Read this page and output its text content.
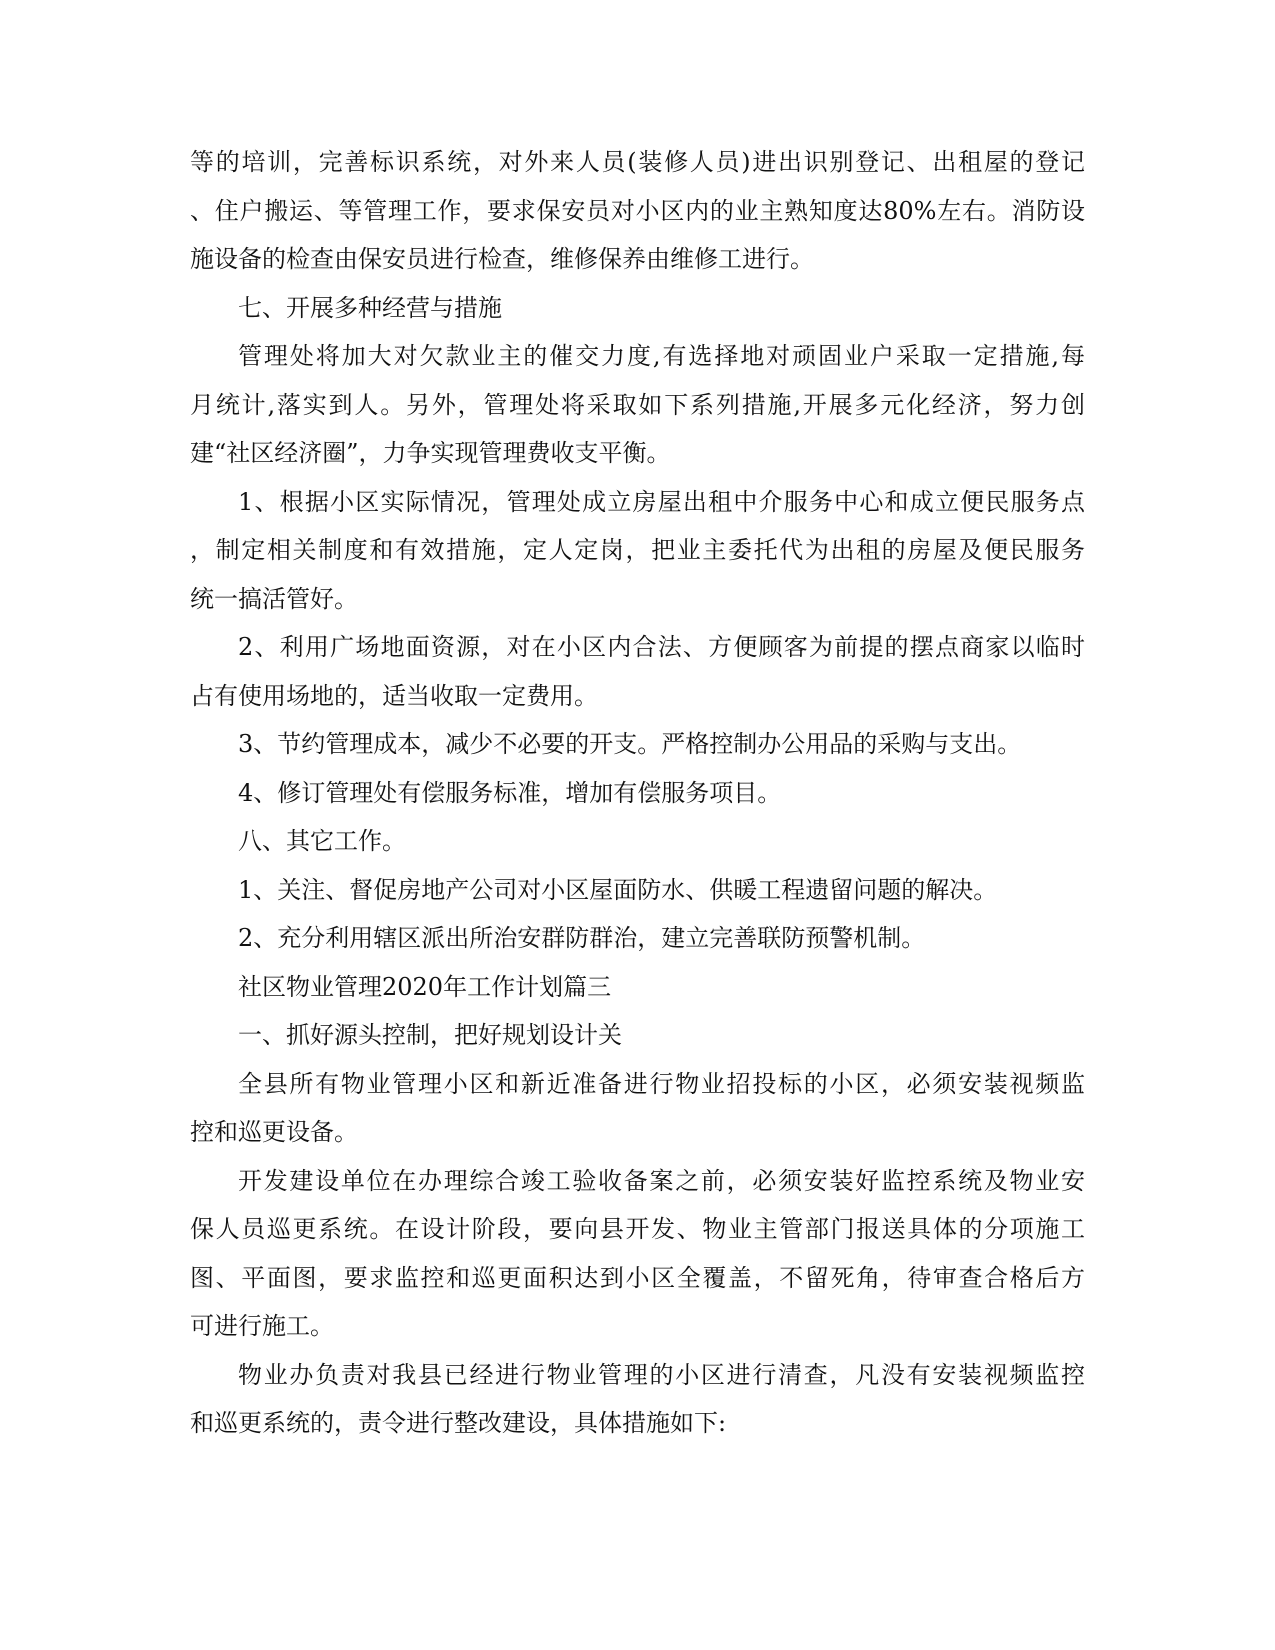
等的培训，完善标识系统，对外来人员(装修人员)进出识别登记、出租屋的登记
、住户搬运、等管理工作，要求保安员对小区内的业主熟知度达80%左右。消防设
施设备的检查由保安员进行检查，维修保养由维修工进行。
七、开展多种经营与措施
管理处将加大对欠款业主的催交力度,有选择地对顽固业户采取一定措施,每
月统计,落实到人。另外，管理处将采取如下系列措施,开展多元化经济，努力创
建“社区经济圈”，力争实现管理费收支平衡。
1、根据小区实际情况，管理处成立房屋出租中介服务中心和成立便民服务点
，制定相关制度和有效措施，定人定岗，把业主委托代为出租的房屋及便民服务
统一搞活管好。
2、利用广场地面资源，对在小区内合法、方便顾客为前提的摆点商家以临时
占有使用场地的，适当收取一定费用。
3、节约管理成本，减少不必要的开支。严格控制办公用品的采购与支出。
4、修订管理处有偿服务标准，增加有偿服务项目。
八、其它工作。
1、关注、督促房地产公司对小区屋面防水、供暖工程遗留问题的解决。
2、充分利用辖区派出所治安群防群治，建立完善联防预警机制。
社区物业管理2020年工作计划篇三
一、抓好源头控制，把好规划设计关
全县所有物业管理小区和新近准备进行物业招投标的小区，必须安装视频监
控和巡更设备。
开发建设单位在办理综合竣工验收备案之前，必须安装好监控系统及物业安
保人员巡更系统。在设计阶段，要向县开发、物业主管部门报送具体的分项施工
图、平面图，要求监控和巡更面积达到小区全覆盖，不留死角，待审查合格后方
可进行施工。
物业办负责对我县已经进行物业管理的小区进行清查，凡没有安装视频监控
和巡更系统的，责令进行整改建设，具体措施如下:
